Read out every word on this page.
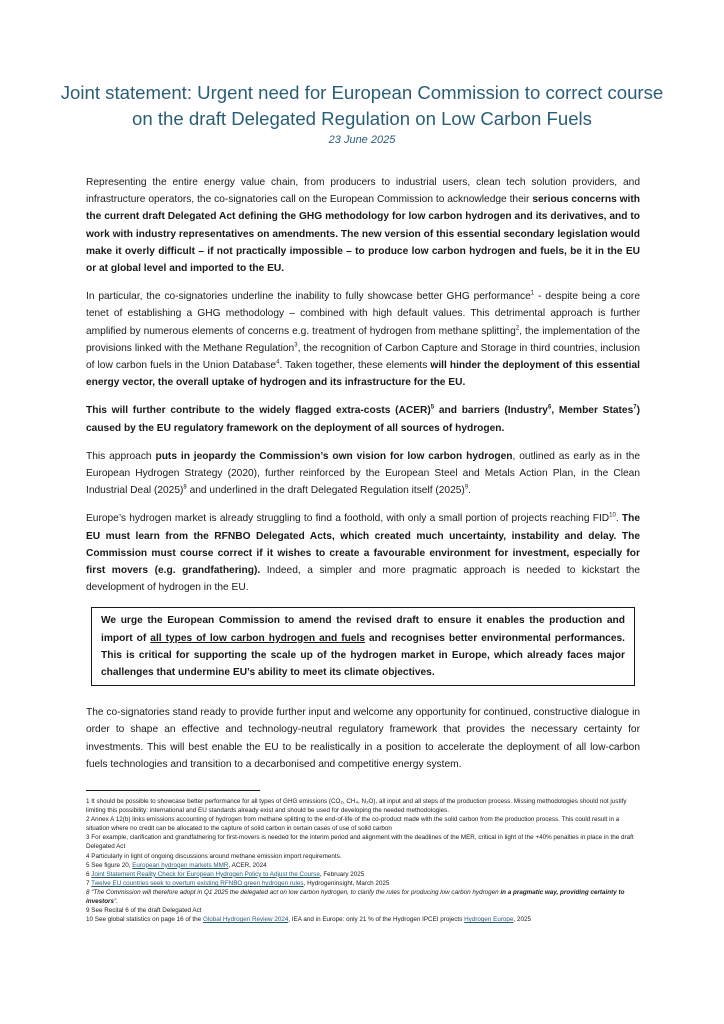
Joint statement: Urgent need for European Commission to correct course on the draft Delegated Regulation on Low Carbon Fuels
23 June 2025

Representing the entire energy value chain, from producers to industrial users, clean tech solution providers, and infrastructure operators, the co-signatories call on the European Commission to acknowledge their serious concerns with the current draft Delegated Act defining the GHG methodology for low carbon hydrogen and its derivatives, and to work with industry representatives on amendments. The new version of this essential secondary legislation would make it overly difficult – if not practically impossible – to produce low carbon hydrogen and fuels, be it in the EU or at global level and imported to the EU.

In particular, the co-signatories underline the inability to fully showcase better GHG performance$^1$ - despite being a core tenet of establishing a GHG methodology – combined with high default values. This detrimental approach is further amplified by numerous elements of concerns e.g. treatment of hydrogen from methane splitting$^2$, the implementation of the provisions linked with the Methane Regulation$^3$, the recognition of Carbon Capture and Storage in third countries, inclusion of low carbon fuels in the Union Database$^4$. Taken together, these elements will hinder the deployment of this essential energy vector, the overall uptake of hydrogen and its infrastructure for the EU.

This will further contribute to the widely flagged extra-costs (ACER)$^5$ and barriers (Industry$^6$, Member States$^7$) caused by the EU regulatory framework on the deployment of all sources of hydrogen.

This approach puts in jeopardy the Commission’s own vision for low carbon hydrogen, outlined as early as in the European Hydrogen Strategy (2020), further reinforced by the European Steel and Metals Action Plan, in the Clean Industrial Deal $(2025)^8$ and underlined in the draft Delegated Regulation itself $(2025)^9$.

Europe’s hydrogen market is already struggling to find a foothold, with only a small portion of projects reaching FID$^{10}$. The EU must learn from the RFNBO Delegated Acts, which created much uncertainty, instability and delay. The Commission must course correct if it wishes to create a favourable environment for investment, especially for first movers (e.g. grandfathering). Indeed, a simpler and more pragmatic approach is needed to kickstart the development of hydrogen in the EU.

We urge the European Commission to amend the revised draft to ensure it enables the production and import of all types of low carbon hydrogen and fuels and recognises better environmental performances. This is critical for supporting the scale up of the hydrogen market in Europe, which already faces major challenges that undermine EU’s ability to meet its climate objectives.

The co-signatories stand ready to provide further input and welcome any opportunity for continued, constructive dialogue in order to shape an effective and technology-neutral regulatory framework that provides the necessary certainty for investments. This will best enable the EU to be realistically in a position to accelerate the deployment of all low-carbon fuels technologies and transition to a decarbonised and competitive energy system.

1 It should be possible to showcase better performance for all types of GHG emissions (CO₂, CH₄, N₂O), all input and all steps of the production process. Missing methodologies should not justify limiting this possibility: international and EU standards already exist and should be used for developing the needed methodologies.

2 Annex A 12(b) links emissions accounting of hydrogen from methane splitting to the end-of-life of the co-product made with the solid carbon from the production process. This could result in a situation where no credit can be allocated to the capture of solid carbon in certain cases of use of solid carbon

3 For example, clarification and grandfathering for first-movers is needed for the interim period and alignment with the deadlines of the MER, critical in light of the +40% penalties in place in the draft Delegated Act

4 Particularly in light of ongoing discussions around methane emission import requirements.

5 See figure 20, European hydrogen markets MMR, ACER, 2024

6 Joint Statement Reality Check for European Hydrogen Policy to Adjust the Course, February 2025

7 Twelve EU countries seek to overturn existing RFNBO green hydrogen rules, Hydrogeninsight, March 2025

8 “The Commission will therefore adopt in Q1 2025 the delegated act on low carbon hydrogen, to clarify the rules for producing low carbon hydrogen in a pragmatic way, providing certainty to investors”.

9 See Recital 6 of the draft Delegated Act

10 See global statistics on page 16 of the Global Hydrogen Review 2024, IEA and in Europe: only 21 % of the Hydrogen IPCEI projects Hydrogen Europe, 2025
